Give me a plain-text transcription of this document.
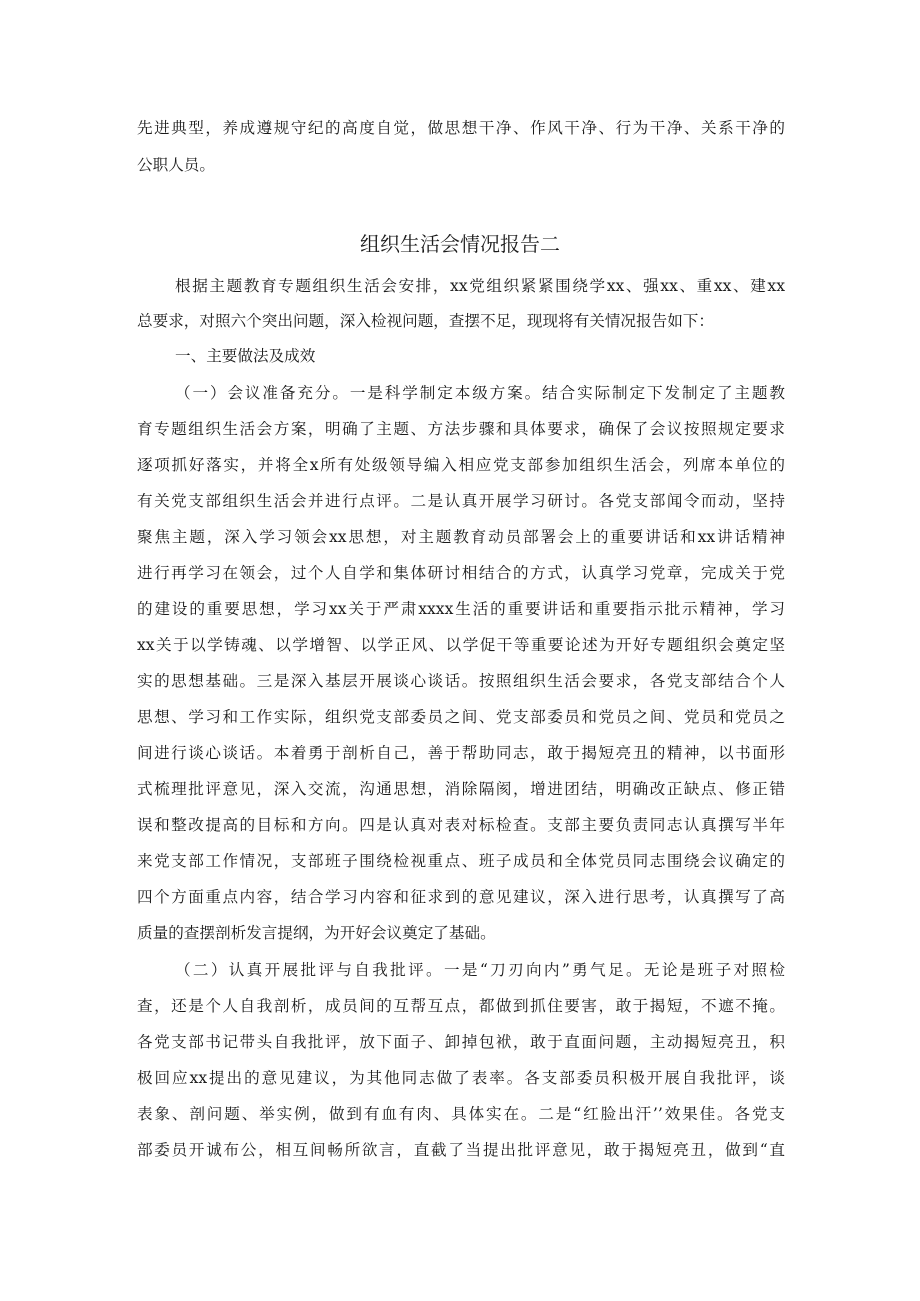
先进典型，养成遵规守纪的高度自觉，做思想干净、作风干净、行为干净、关系干净的
公职人员。
组织生活会情况报告二
根据主题教育专题组织生活会安排，xx党组织紧紧围绕学xx、强xx、重xx、建xx
总要求，对照六个突出问题，深入检视问题，查摆不足，现现将有关情况报告如下：
一、主要做法及成效
（一）会议准备充分。一是科学制定本级方案。结合实际制定下发制定了主题教
育专题组织生活会方案，明确了主题、方法步骤和具体要求，确保了会议按照规定要求
逐项抓好落实，并将全x所有处级领导编入相应党支部参加组织生活会，列席本单位的
有关党支部组织生活会并进行点评。二是认真开展学习研讨。各党支部闻令而动，坚持
聚焦主题，深入学习领会xx思想，对主题教育动员部署会上的重要讲话和xx讲话精神
进行再学习在领会，过个人自学和集体研讨相结合的方式，认真学习党章，完成关于党
的建设的重要思想，学习xx关于严肃xxxx生活的重要讲话和重要指示批示精神，学习
xx关于以学铸魂、以学增智、以学正风、以学促干等重要论述为开好专题组织会奠定坚
实的思想基础。三是深入基层开展谈心谈话。按照组织生活会要求，各党支部结合个人
思想、学习和工作实际，组织党支部委员之间、党支部委员和党员之间、党员和党员之
间进行谈心谈话。本着勇于剖析自己，善于帮助同志，敢于揭短亮丑的精神，以书面形
式梳理批评意见，深入交流，沟通思想，消除隔阂，增进团结，明确改正缺点、修正错
误和整改提高的目标和方向。四是认真对表对标检查。支部主要负责同志认真撰写半年
来党支部工作情况，支部班子围绕检视重点、班子成员和全体党员同志围绕会议确定的
四个方面重点内容，结合学习内容和征求到的意见建议，深入进行思考，认真撰写了高
质量的查摆剖析发言提纲，为开好会议奠定了基础。
（二）认真开展批评与自我批评。一是“刀刃向内”勇气足。无论是班子对照检
查，还是个人自我剖析，成员间的互帮互点，都做到抓住要害，敢于揭短，不遮不掩。
各党支部书记带头自我批评，放下面子、卸掉包袱，敢于直面问题，主动揭短亮丑，积
极回应xx提出的意见建议，为其他同志做了表率。各支部委员积极开展自我批评，谈
表象、剖问题、举实例，做到有血有肉、具体实在。二是“红脸出汗’’效果佳。各党支
部委员开诚布公，相互间畅所欲言，直截了当提出批评意见，敢于揭短亮丑，做到“直
